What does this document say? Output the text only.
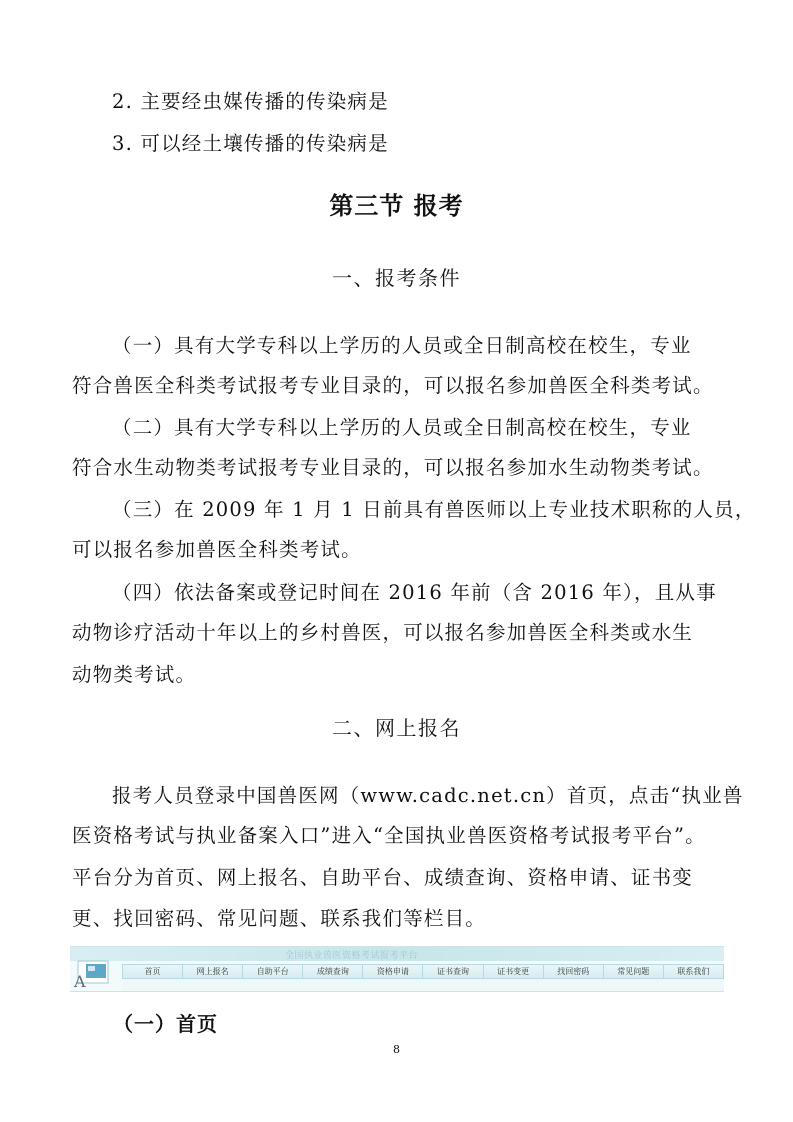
2. 主要经虫媒传播的传染病是
3. 可以经土壤传播的传染病是
第三节 报考
一、报考条件
（一）具有大学专科以上学历的人员或全日制高校在校生，专业
符合兽医全科类考试报考专业目录的，可以报名参加兽医全科类考试。
（二）具有大学专科以上学历的人员或全日制高校在校生，专业
符合水生动物类考试报考专业目录的，可以报名参加水生动物类考试。
（三）在 2009 年 1 月 1 日前具有兽医师以上专业技术职称的人员，
可以报名参加兽医全科类考试。
（四）依法备案或登记时间在 2016 年前（含 2016 年），且从事
动物诊疗活动十年以上的乡村兽医，可以报名参加兽医全科类或水生
动物类考试。
二、网上报名
报考人员登录中国兽医网（www.cadc.net.cn）首页，点击“执业兽
医资格考试与执业备案入口”进入“全国执业兽医资格考试报考平台”。
平台分为首页、网上报名、自助平台、成绩查询、资格申请、证书变
更、找回密码、常见问题、联系我们等栏目。
全国执业兽医资格考试报考平台
A
首页	网上报名	自助平台	成绩查询	资格申请	证书查询	证书变更	找回密码	常见问题	联系我们
（一）首页
8
